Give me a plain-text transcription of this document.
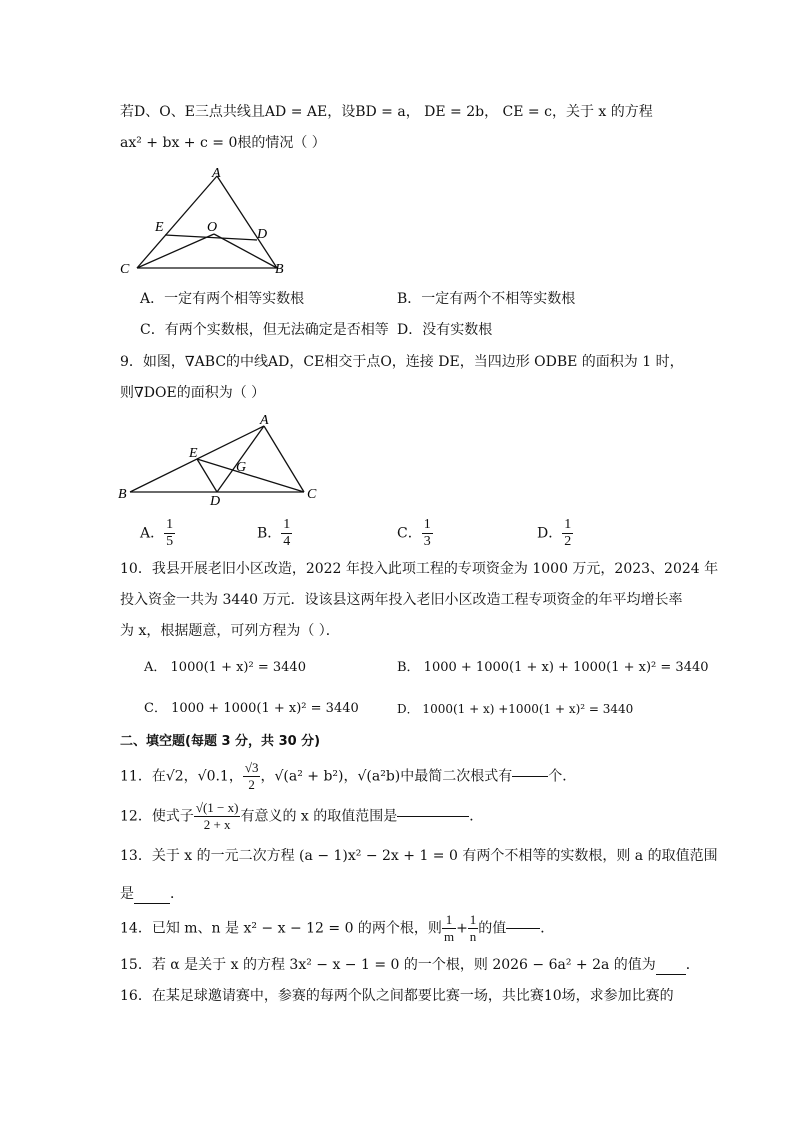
若D、O、E三点共线且AD = AE，设BD = a， DE = 2b， CE = c，关于 x 的方程
ax² + bx + c = 0根的情况（ ）
A
E	O	D
C	B
A．一定有两个相等实数根	B．一定有两个不相等实数根
C．有两个实数根，但无法确定是否相等 D．没有实数根
9．如图，∇ABC的中线AD，CE相交于点O，连接 DE，当四边形 ODBE 的面积为 1 时，
则∇DOE的面积为（ ）
A
E
G
B	D	C
A． $\frac{1}{5}$	B． $\frac{1}{4}$	C． $\frac{1}{3}$	D． $\frac{1}{2}$
10．我县开展老旧小区改造，2022 年投入此项工程的专项资金为 1000 万元，2023、2024 年
投入资金一共为 3440 万元．设该县这两年投入老旧小区改造工程专项资金的年平均增长率
为 x，根据题意，可列方程为（ ）．
A． 1000(1 + x)² = 3440	B． 1000 + 1000(1 + x) + 1000(1 + x)² = 3440
C． 1000 + 1000(1 + x)² = 3440	D． 1000(1 + x) +1000(1 + x)² = 3440
二、填空题(每题 3 分，共 30 分)
11．在√2，√0.1， $\frac{√3}{2}$ ，√(a² + b²)，√(a²b)中最简二次根式有	个．
12．使式子 $\frac{√(1 - x)}{2 + x}$ 有意义的 x 的取值范围是	．
13．关于 x 的一元二次方程 (a − 1)x² − 2x + 1 = 0 有两个不相等的实数根，则 a 的取值范围
是	．
14．已知 m、n 是 x² − x − 12 = 0 的两个根，则 $\frac{1}{m} + \frac{1}{n}$ 的值 ．
15．若 α 是关于 x 的方程 3x² − x − 1 = 0 的一个根，则 2026 − 6a² + 2a 的值为 ．
16．在某足球邀请赛中，参赛的每两个队之间都要比赛一场，共比赛10场，求参加比赛的
